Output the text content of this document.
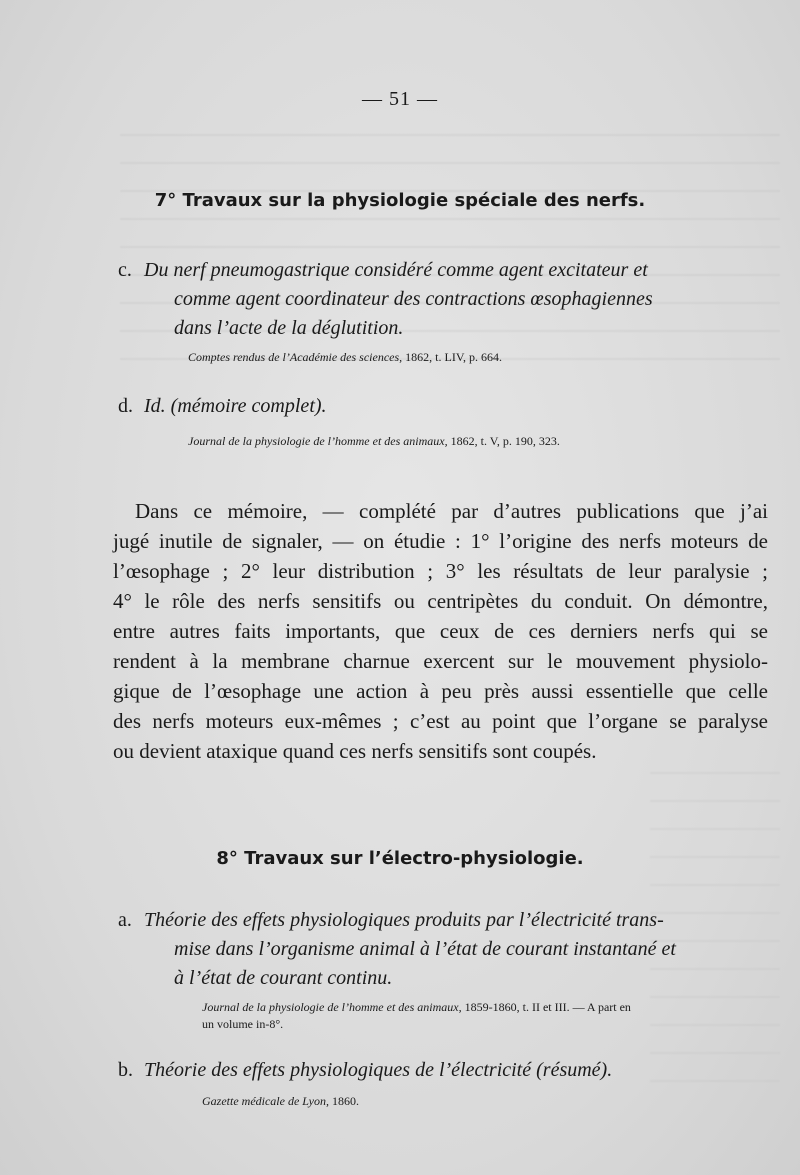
— 51 —
7° Travaux sur la physiologie spéciale des nerfs.
c. Du nerf pneumogastrique considéré comme agent excitateur et
comme agent coordinateur des contractions œsophagiennes
dans l’acte de la déglutition.
Comptes rendus de l’Académie des sciences, 1862, t. LIV, p. 664.
d. Id. (mémoire complet).
Journal de la physiologie de l’homme et des animaux, 1862, t. V, p. 190, 323.
Dans ce mémoire, — complété par d’autres publications que j’ai
jugé inutile de signaler, — on étudie : 1° l’origine des nerfs moteurs de
l’œsophage ; 2° leur distribution ; 3° les résultats de leur paralysie ;
4° le rôle des nerfs sensitifs ou centripètes du conduit. On démontre,
entre autres faits importants, que ceux de ces derniers nerfs qui se
rendent à la membrane charnue exercent sur le mouvement physiolo-
gique de l’œsophage une action à peu près aussi essentielle que celle
des nerfs moteurs eux-mêmes ; c’est au point que l’organe se paralyse
ou devient ataxique quand ces nerfs sensitifs sont coupés.
8° Travaux sur l’électro-physiologie.
a. Théorie des effets physiologiques produits par l’électricité trans-
mise dans l’organisme animal à l’état de courant instantané et
à l’état de courant continu.
Journal de la physiologie de l’homme et des animaux, 1859-1860, t. II et III. — A part en
un volume in-8°.
b. Théorie des effets physiologiques de l’électricité (résumé).
Gazette médicale de Lyon, 1860.
